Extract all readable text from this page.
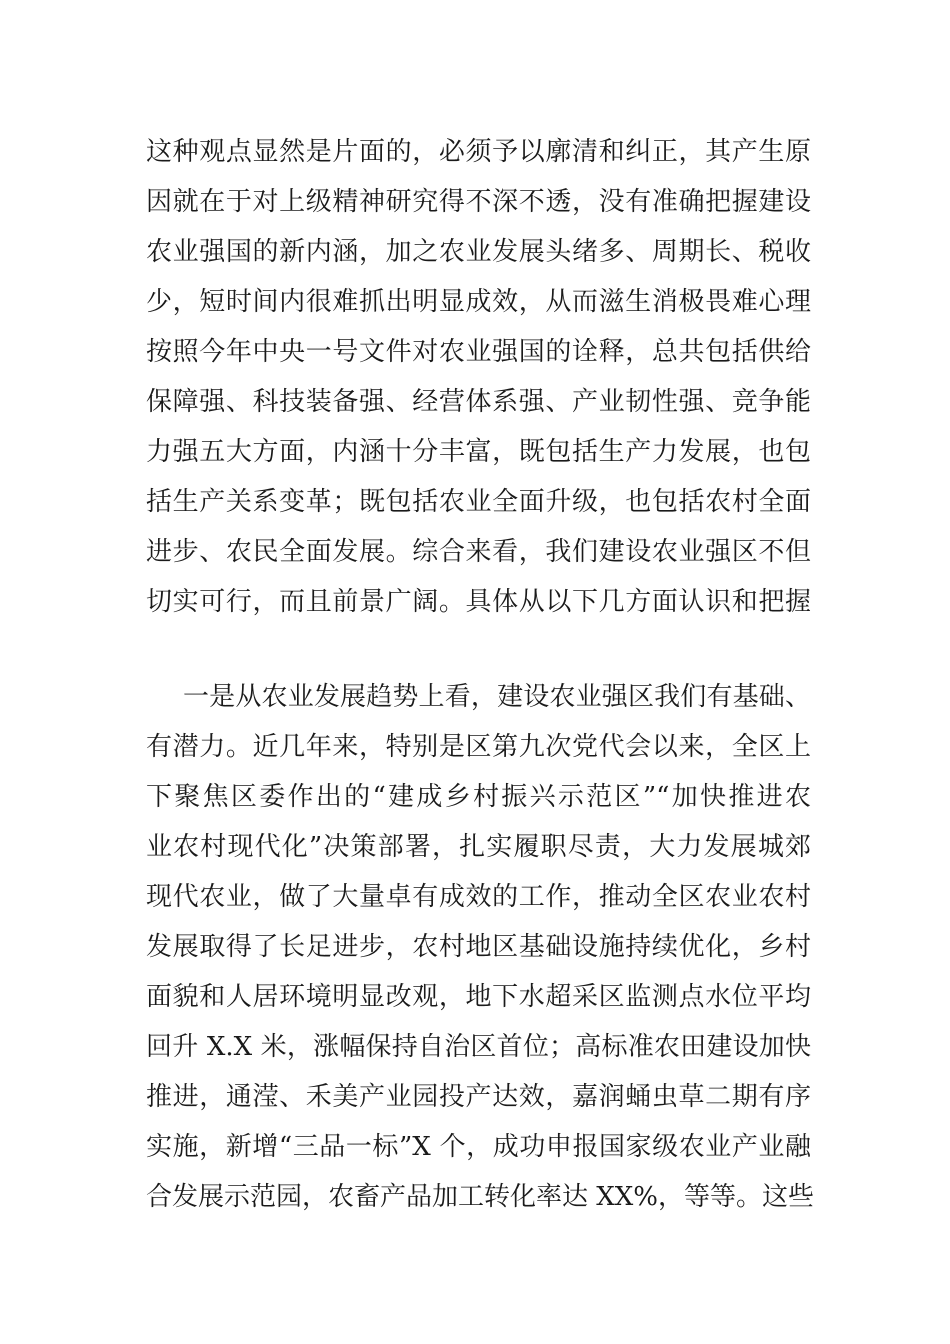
这种观点显然是片面的，必须予以廓清和纠正，其产生原
因就在于对上级精神研究得不深不透，没有准确把握建设
农业强国的新内涵，加之农业发展头绪多、周期长、税收
少，短时间内很难抓出明显成效，从而滋生消极畏难心理
按照今年中央一号文件对农业强国的诠释，总共包括供给
保障强、科技装备强、经营体系强、产业韧性强、竞争能
力强五大方面，内涵十分丰富，既包括生产力发展，也包
括生产关系变革；既包括农业全面升级，也包括农村全面
进步、农民全面发展。综合来看，我们建设农业强区不但
切实可行，而且前景广阔。具体从以下几方面认识和把握
一是从农业发展趋势上看，建设农业强区我们有基础、
有潜力。近几年来，特别是区第九次党代会以来，全区上
下聚焦区委作出的“建成乡村振兴示范区”“加快推进农
业农村现代化”决策部署，扎实履职尽责，大力发展城郊
现代农业，做了大量卓有成效的工作，推动全区农业农村
发展取得了长足进步，农村地区基础设施持续优化，乡村
面貌和人居环境明显改观，地下水超采区监测点水位平均
回升 X.X 米，涨幅保持自治区首位；高标准农田建设加快
推进，通滢、禾美产业园投产达效，嘉润蛹虫草二期有序
实施，新增“三品一标”X 个，成功申报国家级农业产业融
合发展示范园，农畜产品加工转化率达 XX%，等等。这些
